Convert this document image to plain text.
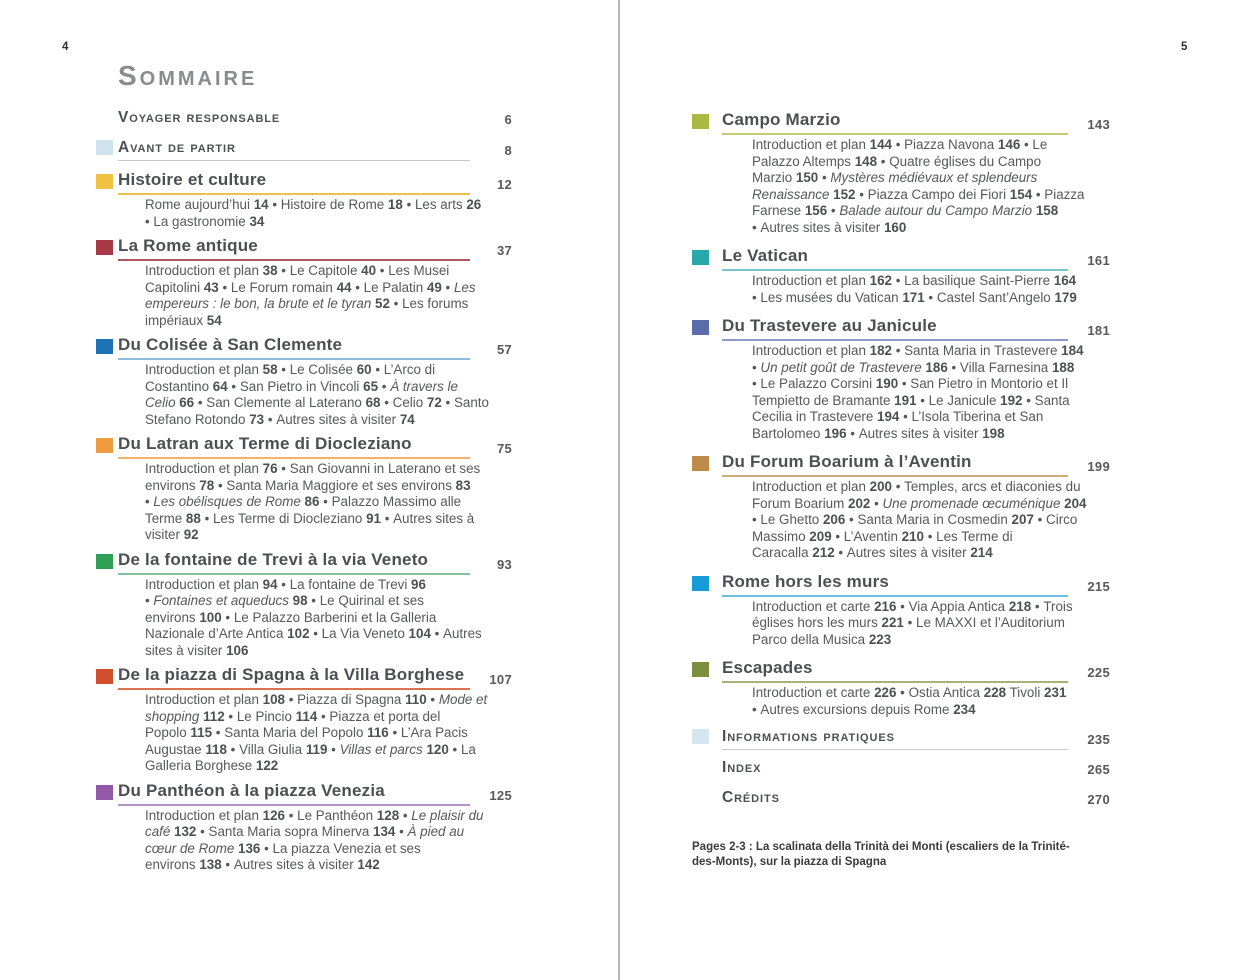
4
Sommaire
Voyager responsable	6
Avant de partir	8
Histoire et culture	12
Rome aujourd’hui 14 • Histoire de Rome 18 • Les arts 26 • La gastronomie 34
La Rome antique	37
Introduction et plan 38 • Le Capitole 40 • Les Musei Capitolini 43 • Le Forum romain 44 • Le Palatin 49 • Les empereurs : le bon, la brute et le tyran 52 • Les forums impériaux 54
Du Colisée à San Clemente	57
Introduction et plan 58 • Le Colisée 60 • L’Arco di Costantino 64 • San Pietro in Vincoli 65 • À travers le Celio 66 • San Clemente al Laterano 68 • Celio 72 • Santo Stefano Rotondo 73 • Autres sites à visiter 74
Du Latran aux Terme di Diocleziano	75
Introduction et plan 76 • San Giovanni in Laterano et ses environs 78 • Santa Maria Maggiore et ses environs 83 • Les obélisques de Rome 86 • Palazzo Massimo alle Terme 88 • Les Terme di Diocleziano 91 • Autres sites à visiter 92
De la fontaine de Trevi à la via Veneto	93
Introduction et plan 94 • La fontaine de Trevi 96 • Fontaines et aqueducs 98 • Le Quirinal et ses environs 100 • Le Palazzo Barberini et la Galleria Nazionale d’Arte Antica 102 • La Via Veneto 104 • Autres sites à visiter 106
De la piazza di Spagna à la Villa Borghese	107
Introduction et plan 108 • Piazza di Spagna 110 • Mode et shopping 112 • Le Pincio 114 • Piazza et porta del Popolo 115 • Santa Maria del Popolo 116 • L’Ara Pacis Augustae 118 • Villa Giulia 119 • Villas et parcs 120 • La Galleria Borghese 122
Du Panthéon à la piazza Venezia	125
Introduction et plan 126 • Le Panthéon 128 • Le plaisir du café 132 • Santa Maria sopra Minerva 134 • À pied au cœur de Rome 136 • La piazza Venezia et ses environs 138 • Autres sites à visiter 142
5
Campo Marzio	143
Introduction et plan 144 • Piazza Navona 146 • Le Palazzo Altemps 148 • Quatre églises du Campo Marzio 150 • Mystères médiévaux et splendeurs Renaissance 152 • Piazza Campo dei Fiori 154 • Piazza Farnese 156 • Balade autour du Campo Marzio 158 • Autres sites à visiter 160
Le Vatican	161
Introduction et plan 162 • La basilique Saint-Pierre 164 • Les musées du Vatican 171 • Castel Sant’Angelo 179
Du Trastevere au Janicule	181
Introduction et plan 182 • Santa Maria in Trastevere 184 • Un petit goût de Trastevere 186 • Villa Farnesina 188 • Le Palazzo Corsini 190 • San Pietro in Montorio et Il Tempietto de Bramante 191 • Le Janicule 192 • Santa Cecilia in Trastevere 194 • L’Isola Tiberina et San Bartolomeo 196 • Autres sites à visiter 198
Du Forum Boarium à l’Aventin	199
Introduction et plan 200 • Temples, arcs et diaconies du Forum Boarium 202 • Une promenade œcuménique 204 • Le Ghetto 206 • Santa Maria in Cosmedin 207 • Circo Massimo 209 • L’Aventin 210 • Les Terme di Caracalla 212 • Autres sites à visiter 214
Rome hors les murs	215
Introduction et carte 216 • Via Appia Antica 218 • Trois églises hors les murs 221 • Le MAXXI et l’Auditorium Parco della Musica 223
Escapades	225
Introduction et carte 226 • Ostia Antica 228 Tivoli 231 • Autres excursions depuis Rome 234
Informations pratiques	235
Index	265
Crédits	270
Pages 2-3 : La scalinata della Trinità dei Monti (escaliers de la Trinité-des-Monts), sur la piazza di Spagna
